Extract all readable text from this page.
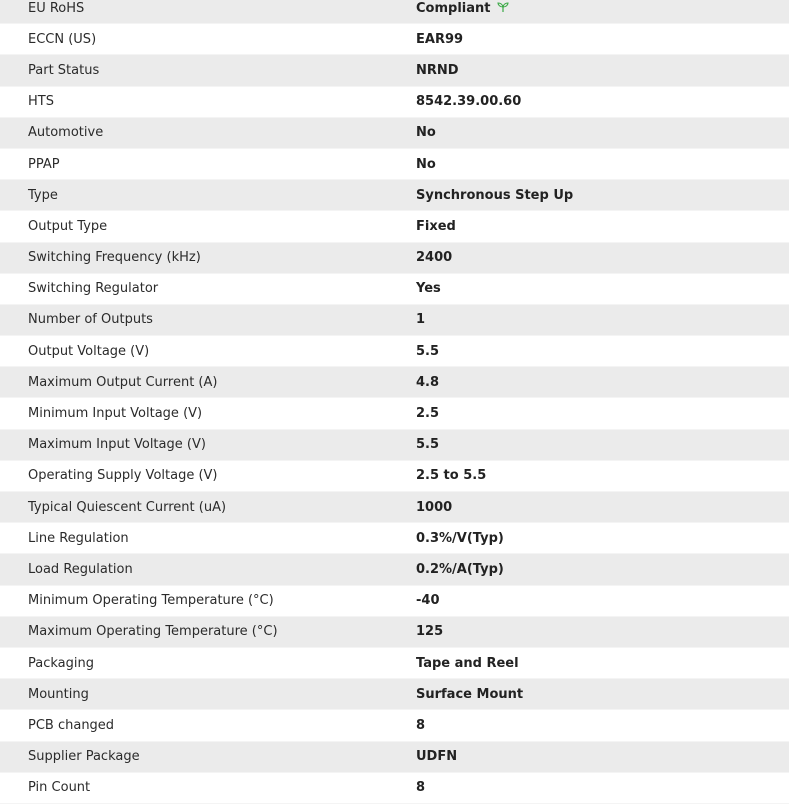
EU RoHS	Compliant
ECCN (US)	EAR99
Part Status	NRND
HTS	8542.39.00.60
Automotive	No
PPAP	No
Type	Synchronous Step Up
Output Type	Fixed
Switching Frequency (kHz)	2400
Switching Regulator	Yes
Number of Outputs	1
Output Voltage (V)	5.5
Maximum Output Current (A)	4.8
Minimum Input Voltage (V)	2.5
Maximum Input Voltage (V)	5.5
Operating Supply Voltage (V)	2.5 to 5.5
Typical Quiescent Current (uA)	1000
Line Regulation	0.3%/V(Typ)
Load Regulation	0.2%/A(Typ)
Minimum Operating Temperature (°C)	-40
Maximum Operating Temperature (°C)	125
Packaging	Tape and Reel
Mounting	Surface Mount
PCB changed	8
Supplier Package	UDFN
Pin Count	8
